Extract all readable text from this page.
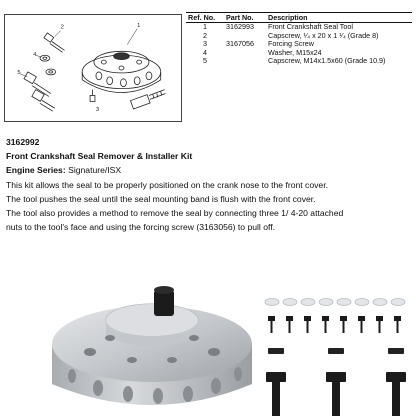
1
2
3
4
5
Ref. No.	Part No.	Description
1	3162993	Front Crankshaft Seal Tool
2		Capscrew, ¹⁄₄ x 20 x 1 ¹⁄₄ (Grade 8)
3	3167056	Forcing Screw
4		Washer, M15x24
5		Capscrew, M14x1.5x60 (Grade 10.9)
3162992
Front Crankshaft Seal Remover & Installer Kit
Engine Series: Signature/ISX
This kit allows the seal to be properly positioned on the crank nose to the front cover.
The tool pushes the seal until the seal mounting band is flush with the front cover.
The tool also provides a method to remove the seal by connecting three 1/ 4-20 attached
nuts to the tool's face and using the forcing screw (3163056) to pull off.
